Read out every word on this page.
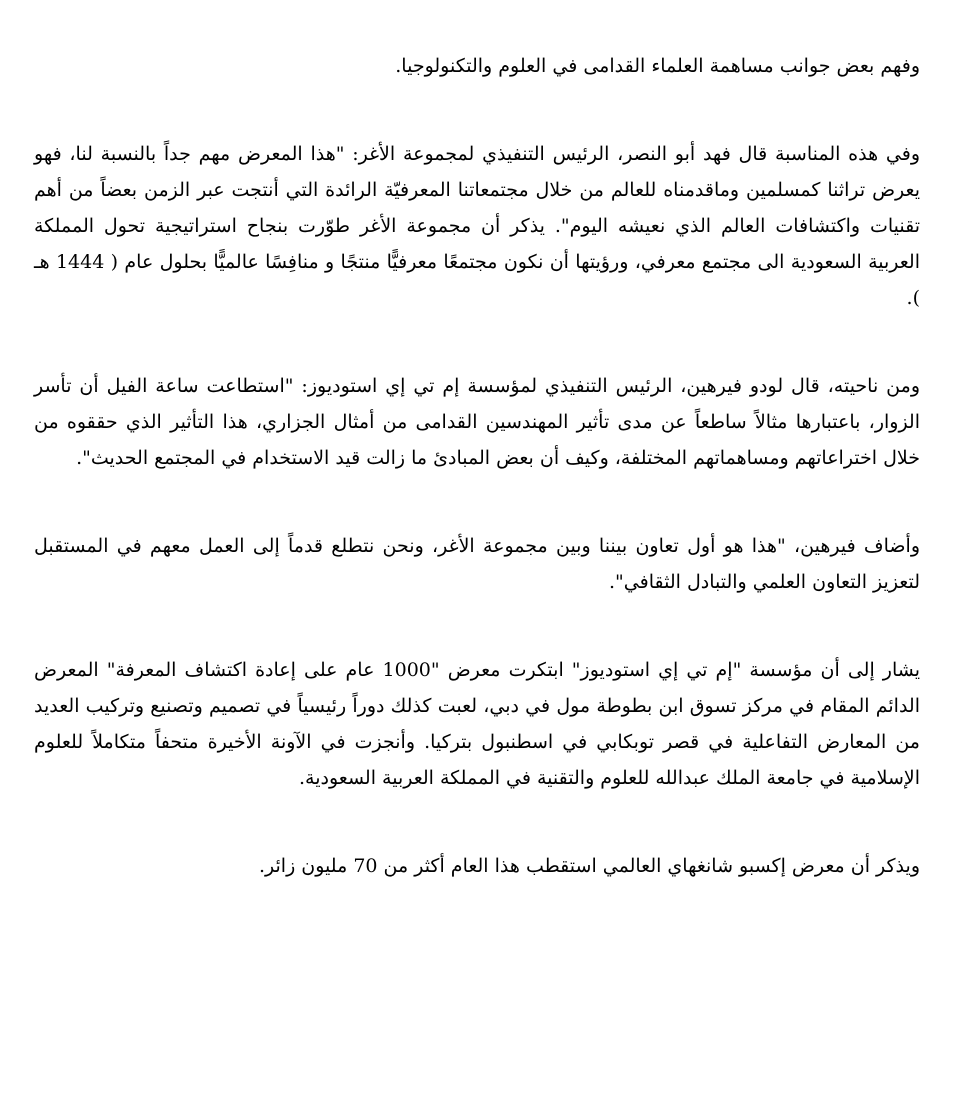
وفهم بعض جوانب مساهمة العلماء القدامى في العلوم والتكنولوجيا.

وفي هذه المناسبة قال فهد أبو النصر، الرئيس التنفيذي لمجموعة الأغر: "هذا المعرض مهم جداً بالنسبة لنا، فهو يعرض تراثنا كمسلمين وماقدمناه للعالم من خلال مجتمعاتنا المعرفيّة الرائدة التي أنتجت عبر الزمن بعضاً من أهم تقنيات واكتشافات العالم الذي نعيشه اليوم". يذكر أن مجموعة الأغر طوّرت بنجاح استراتيجية تحول المملكة العربية السعودية الى مجتمع معرفي، ورؤيتها أن نكون مجتمعًا معرفيًّا منتجًا و منافِسًا عالميًّا بحلول عام ( 1444 هـ ).

ومن ناحيته، قال لودو فيرهين، الرئيس التنفيذي لمؤسسة إم تي إي استوديوز: "استطاعت ساعة الفيل أن تأسر الزوار، باعتبارها مثالاً ساطعاً عن مدى تأثير المهندسين القدامى من أمثال الجزاري، هذا التأثير الذي حققوه من خلال اختراعاتهم ومساهماتهم المختلفة، وكيف أن بعض المبادئ ما زالت قيد الاستخدام في المجتمع الحديث".

وأضاف فيرهين، "هذا هو أول تعاون بيننا وبين مجموعة الأغر، ونحن نتطلع قدماً إلى العمل معهم في المستقبل لتعزيز التعاون العلمي والتبادل الثقافي".

يشار إلى أن مؤسسة "إم تي إي استوديوز" ابتكرت معرض "1000 عام على إعادة اكتشاف المعرفة" المعرض الدائم المقام في مركز تسوق ابن بطوطة مول في دبي، لعبت كذلك دوراً رئيسياً في تصميم وتصنيع وتركيب العديد من المعارض التفاعلية في قصر توبكابي في اسطنبول بتركيا. وأنجزت في الآونة الأخيرة متحفاً متكاملاً للعلوم الإسلامية في جامعة الملك عبدالله للعلوم والتقنية في المملكة العربية السعودية.

ويذكر أن معرض إكسبو شانغهاي العالمي استقطب هذا العام أكثر من 70 مليون زائر.
